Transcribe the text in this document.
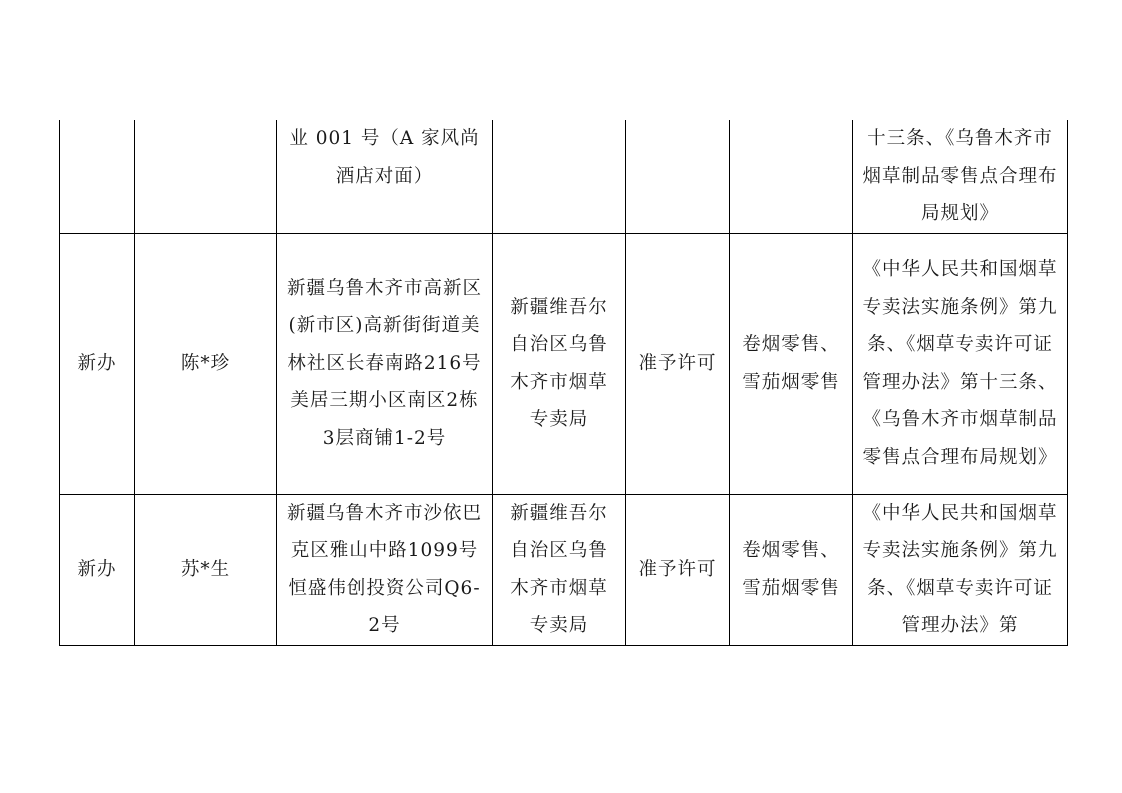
		业 001 号（A 家风尚酒店对面）				十三条、《乌鲁木齐市烟草制品零售点合理布局规划》
新办	陈*珍	新疆乌鲁木齐市高新区(新市区)高新街街道美林社区长春南路216号美居三期小区南区2栋3层商铺1-2号	新疆维吾尔自治区乌鲁木齐市烟草专卖局	准予许可	卷烟零售、雪茄烟零售	《中华人民共和国烟草专卖法实施条例》第九条、《烟草专卖许可证管理办法》第十三条、《乌鲁木齐市烟草制品零售点合理布局规划》
新办	苏*生	新疆乌鲁木齐市沙依巴克区雅山中路1099号恒盛伟创投资公司Q6-2号	新疆维吾尔自治区乌鲁木齐市烟草专卖局	准予许可	卷烟零售、雪茄烟零售	《中华人民共和国烟草专卖法实施条例》第九条、《烟草专卖许可证管理办法》第
